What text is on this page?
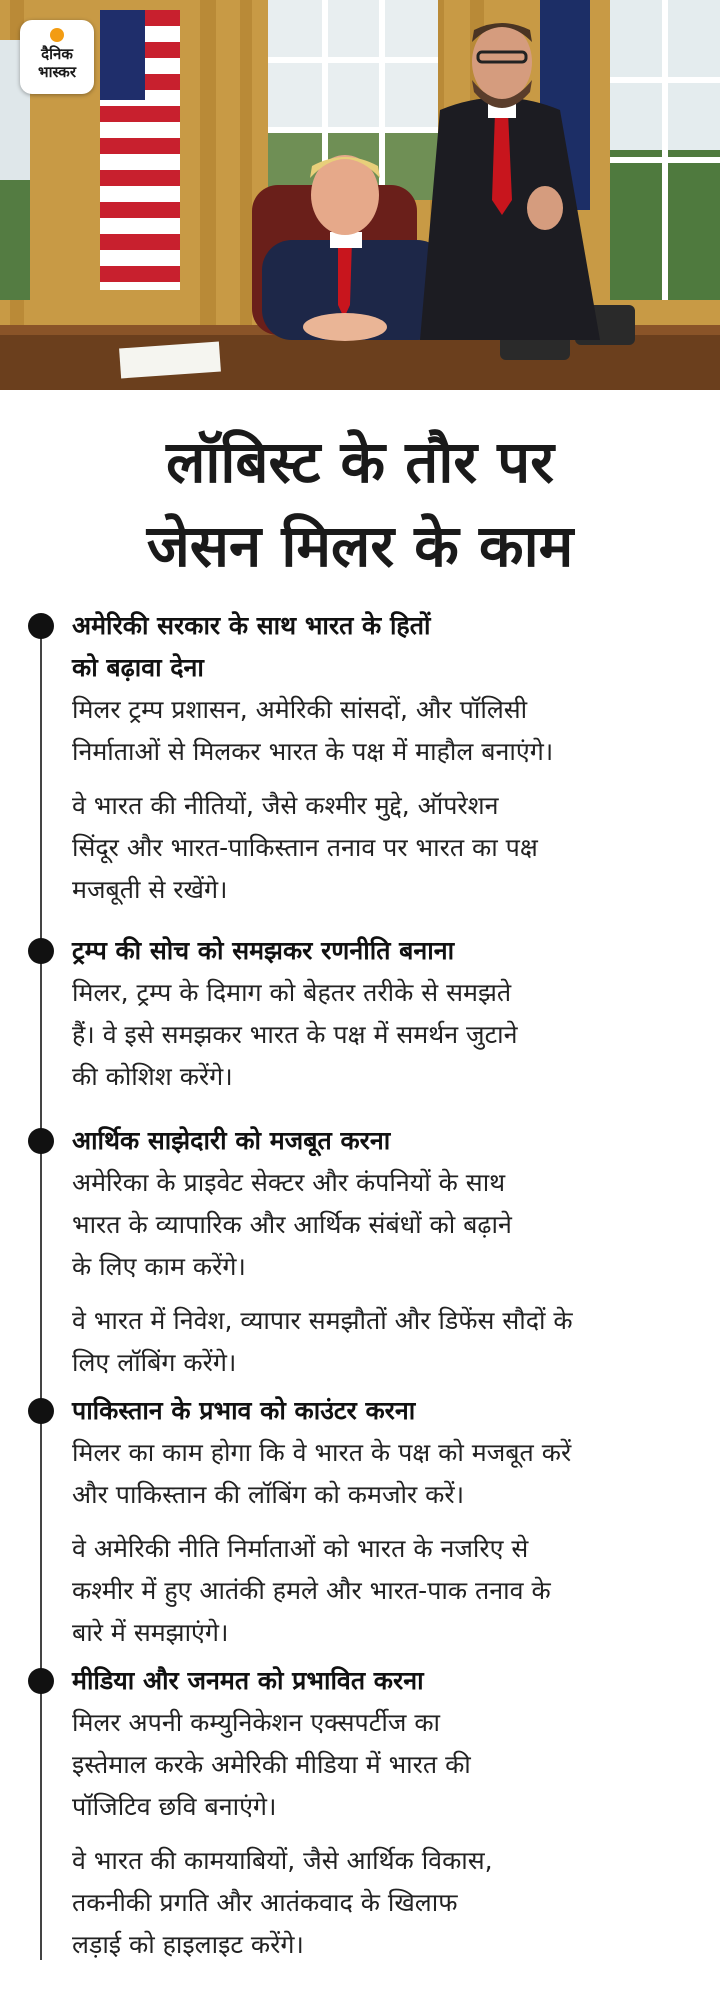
दैनिक
भास्कर
लॉबिस्ट के तौर पर
जेसन मिलर के काम
अमेरिकी सरकार के साथ भारत के हितों
को बढ़ावा देना
मिलर ट्रम्प प्रशासन, अमेरिकी सांसदों, और पॉलिसी
निर्माताओं से मिलकर भारत के पक्ष में माहौल बनाएंगे।
वे भारत की नीतियों, जैसे कश्मीर मुद्दे, ऑपरेशन
सिंदूर और भारत-पाकिस्तान तनाव पर भारत का पक्ष
मजबूती से रखेंगे।
ट्रम्प की सोच को समझकर रणनीति बनाना
मिलर, ट्रम्प के दिमाग को बेहतर तरीके से समझते
हैं। वे इसे समझकर भारत के पक्ष में समर्थन जुटाने
की कोशिश करेंगे।
आर्थिक साझेदारी को मजबूत करना
अमेरिका के प्राइवेट सेक्टर और कंपनियों के साथ
भारत के व्यापारिक और आर्थिक संबंधों को बढ़ाने
के लिए काम करेंगे।
वे भारत में निवेश, व्यापार समझौतों और डिफेंस सौदों के
लिए लॉबिंग करेंगे।
पाकिस्तान के प्रभाव को काउंटर करना
मिलर का काम होगा कि वे भारत के पक्ष को मजबूत करें
और पाकिस्तान की लॉबिंग को कमजोर करें।
वे अमेरिकी नीति निर्माताओं को भारत के नजरिए से
कश्मीर में हुए आतंकी हमले और भारत-पाक तनाव के
बारे में समझाएंगे।
मीडिया और जनमत को प्रभावित करना
मिलर अपनी कम्युनिकेशन एक्सपर्टीज का
इस्तेमाल करके अमेरिकी मीडिया में भारत की
पॉजिटिव छवि बनाएंगे।
वे भारत की कामयाबियों, जैसे आर्थिक विकास,
तकनीकी प्रगति और आतंकवाद के खिलाफ
लड़ाई को हाइलाइट करेंगे।
